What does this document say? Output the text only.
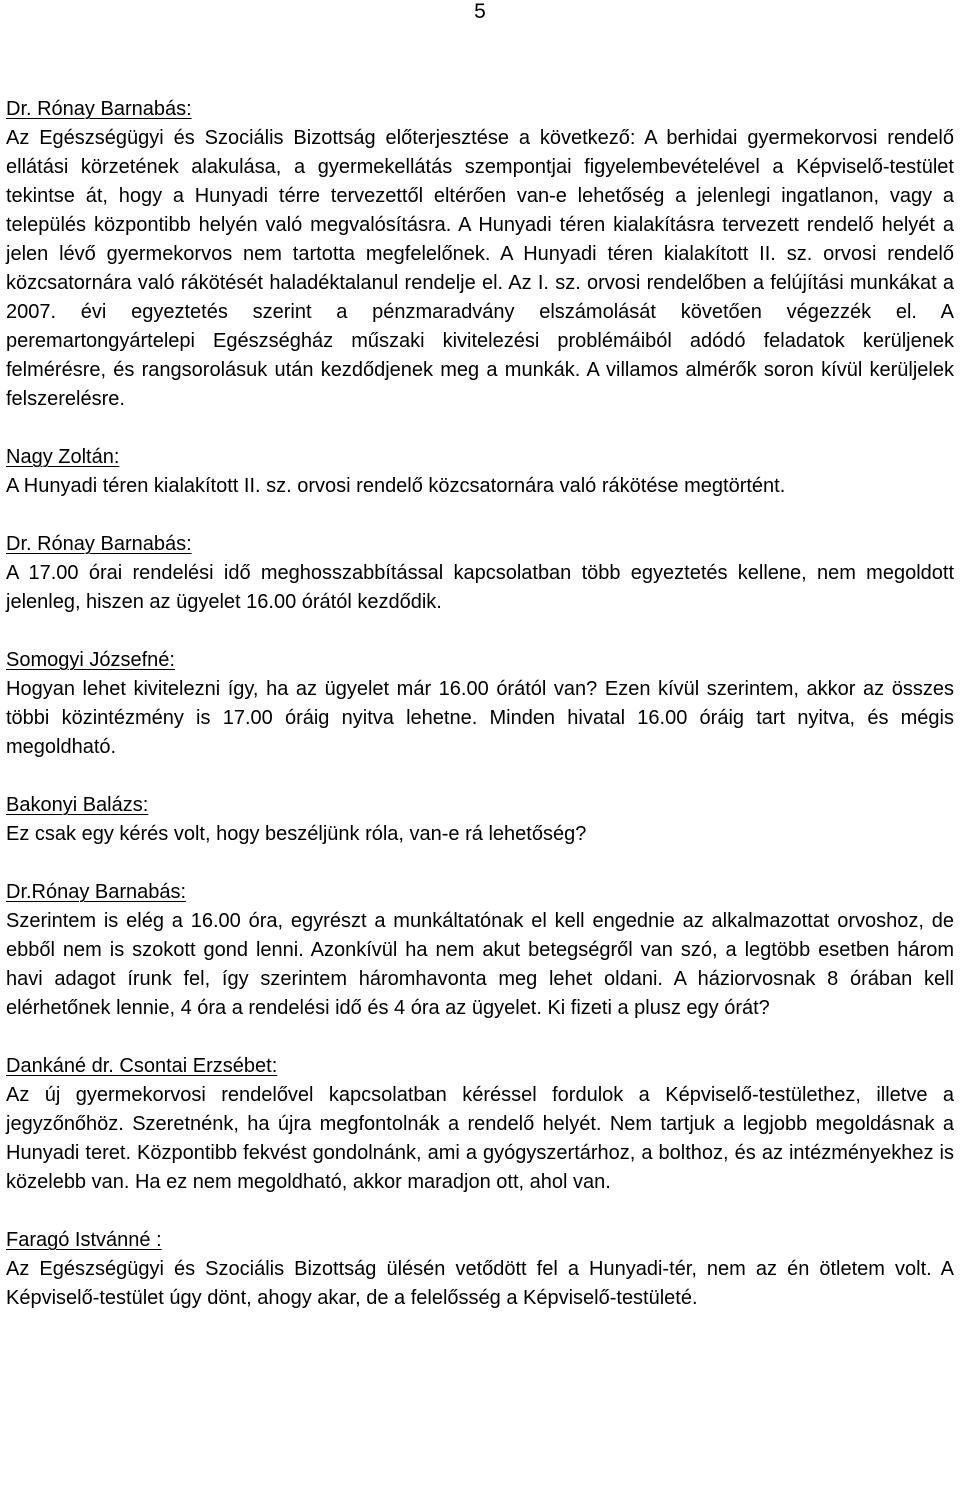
5
Dr. Rónay Barnabás:

Az Egészségügyi és Szociális Bizottság előterjesztése a következő: A berhidai gyermekorvosi rendelő ellátási körzetének alakulása, a gyermekellátás szempontjai figyelembevételével a Képviselő-testület tekintse át, hogy a Hunyadi térre tervezettől eltérően van-e lehetőség a jelenlegi ingatlanon, vagy a település központibb helyén való megvalósításra. A Hunyadi téren kialakításra tervezett rendelő helyét a jelen lévő gyermekorvos nem tartotta megfelelőnek. A Hunyadi téren kialakított II. sz. orvosi rendelő közcsatornára való rákötését haladéktalanul rendelje el. Az I. sz. orvosi rendelőben a felújítási munkákat a 2007. évi egyeztetés szerint a pénzmaradvány elszámolását követően végezzék el. A peremartongyártelepi Egészségház műszaki kivitelezési problémáiból adódó feladatok kerüljenek felmérésre, és rangsorolásuk után kezdődjenek meg a munkák. A villamos almérők soron kívül kerüljelek felszerelésre.

Nagy Zoltán:

A Hunyadi téren kialakított II. sz. orvosi rendelő közcsatornára való rákötése megtörtént.

Dr. Rónay Barnabás:

A 17.00 órai rendelési idő meghosszabbítással kapcsolatban több egyeztetés kellene, nem megoldott jelenleg, hiszen az ügyelet 16.00 órától kezdődik.

Somogyi Józsefné:

Hogyan lehet kivitelezni így, ha az ügyelet már 16.00 órától van? Ezen kívül szerintem, akkor az összes többi közintézmény is 17.00 óráig nyitva lehetne. Minden hivatal 16.00 óráig tart nyitva, és mégis megoldható.

Bakonyi Balázs:

Ez csak egy kérés volt, hogy beszéljünk róla, van-e rá lehetőség?

Dr.Rónay Barnabás:

Szerintem is elég a 16.00 óra, egyrészt a munkáltatónak el kell engednie az alkalmazottat orvoshoz, de ebből nem is szokott gond lenni. Azonkívül ha nem akut betegségről van szó, a legtöbb esetben három havi adagot írunk fel, így szerintem háromhavonta meg lehet oldani. A háziorvosnak 8 órában kell elérhetőnek lennie, 4 óra a rendelési idő és 4 óra az ügyelet. Ki fizeti a plusz egy órát?

Dankáné dr. Csontai Erzsébet:

Az új gyermekorvosi rendelővel kapcsolatban kéréssel fordulok a Képviselő-testülethez, illetve a jegyzőnőhöz. Szeretnénk, ha újra megfontolnák a rendelő helyét. Nem tartjuk a legjobb megoldásnak a Hunyadi teret. Központibb fekvést gondolnánk, ami a gyógyszertárhoz, a bolthoz, és az intézményekhez is közelebb van. Ha ez nem megoldható, akkor maradjon ott, ahol van.

Faragó Istvánné :

Az Egészségügyi és Szociális Bizottság ülésén vetődött fel a Hunyadi-tér, nem az én ötletem volt. A Képviselő-testület úgy dönt, ahogy akar, de a felelősség a Képviselő-testületé.
